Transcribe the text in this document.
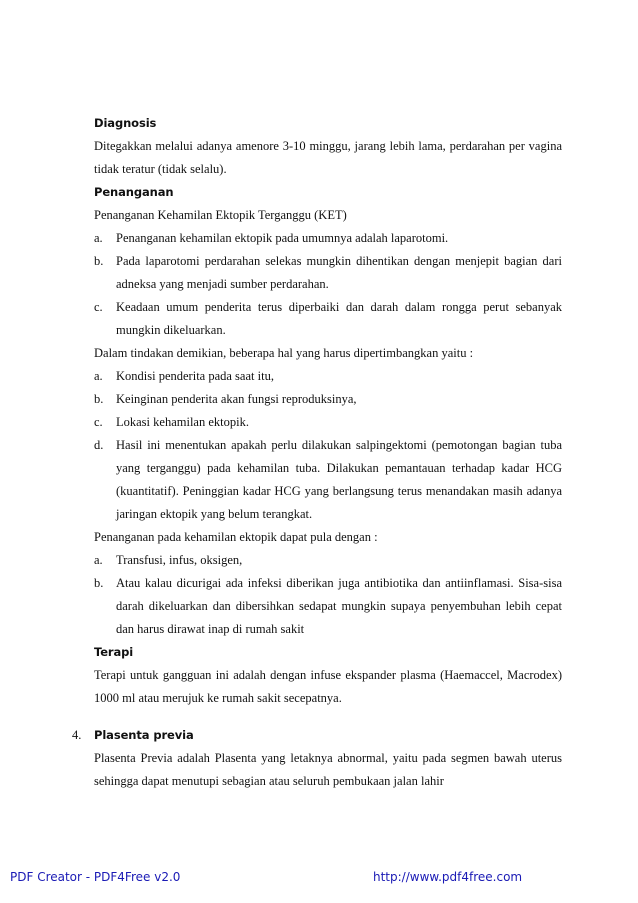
Diagnosis
Ditegakkan melalui adanya amenore 3-10 minggu, jarang lebih lama, perdarahan per vagina tidak teratur (tidak selalu).
Penanganan
Penanganan Kehamilan Ektopik Terganggu (KET)
a. Penanganan kehamilan ektopik pada umumnya adalah laparotomi.
b. Pada laparotomi perdarahan selekas mungkin dihentikan dengan menjepit bagian dari adneksa yang menjadi sumber perdarahan.
c. Keadaan umum penderita terus diperbaiki dan darah dalam rongga perut sebanyak mungkin dikeluarkan.
Dalam tindakan demikian, beberapa hal yang harus dipertimbangkan yaitu :
a. Kondisi penderita pada saat itu,
b. Keinginan penderita akan fungsi reproduksinya,
c. Lokasi kehamilan ektopik.
d. Hasil ini menentukan apakah perlu dilakukan salpingektomi (pemotongan bagian tuba yang terganggu) pada kehamilan tuba. Dilakukan pemantauan terhadap kadar HCG (kuantitatif). Peninggian kadar HCG yang berlangsung terus menandakan masih adanya jaringan ektopik yang belum terangkat.
Penanganan pada kehamilan ektopik dapat pula dengan :
a. Transfusi, infus, oksigen,
b. Atau kalau dicurigai ada infeksi diberikan juga antibiotika dan antiinflamasi. Sisa-sisa darah dikeluarkan dan dibersihkan sedapat mungkin supaya penyembuhan lebih cepat dan harus dirawat inap di rumah sakit
Terapi
Terapi untuk gangguan ini adalah dengan infuse ekspander plasma (Haemaccel, Macrodex) 1000 ml atau merujuk ke rumah sakit secepatnya.
4. Plasenta previa
Plasenta Previa adalah Plasenta yang letaknya abnormal, yaitu pada segmen bawah uterus sehingga dapat menutupi sebagian atau seluruh pembukaan jalan lahir
PDF Creator - PDF4Free v2.0	http://www.pdf4free.com
